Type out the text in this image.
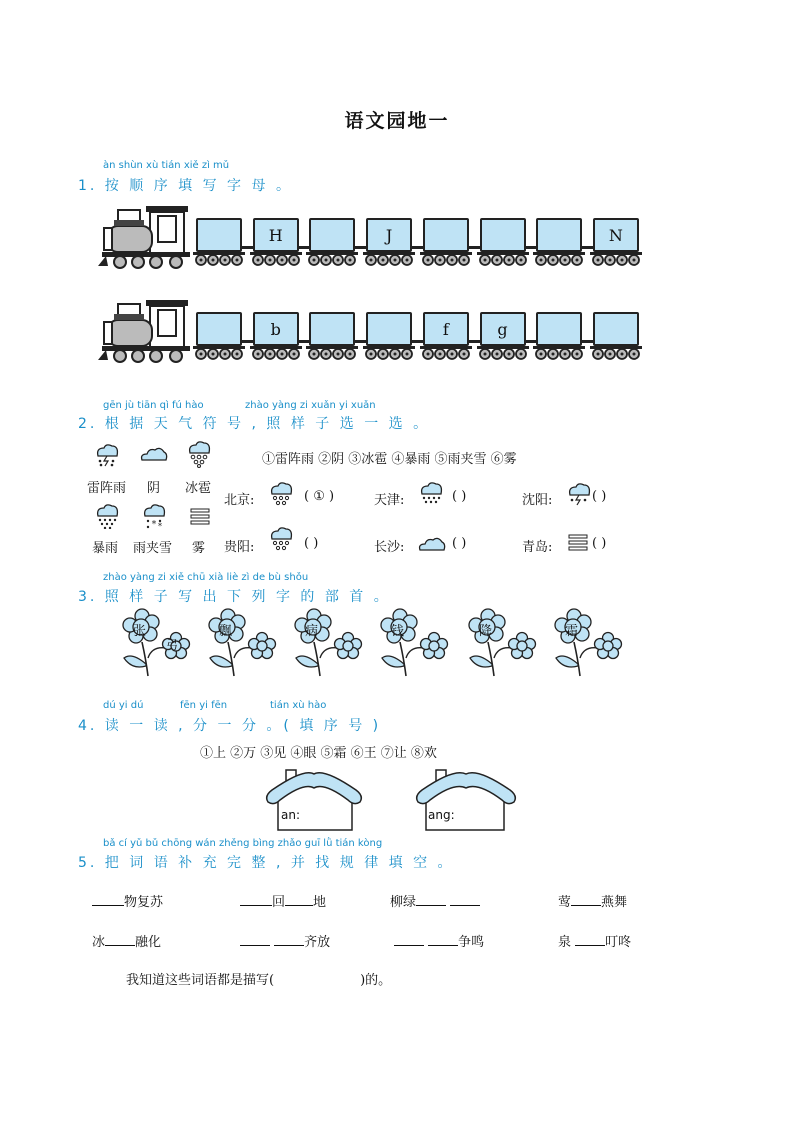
语文园地一
àn shùn xù tián xiě zì mǔ
1. 按 顺 序 填 写 字 母 。
H	J	N
b	f	g
gēn jù tiān qì fú hào	zhào yàng zi xuǎn yi xuǎn
2. 根 据 天 气 符 号 , 照 样 子 选 一 选 。
雷阵雨 阴 冰雹
* *
暴雨 雨夹雪 雾
①雷阵雨 ②阴 ③冰雹 ④暴雨 ⑤雨夹雪 ⑥雾
北京:	( ① )	天津:	( )	沈阳:	( )
贵阳:	( )	长沙:	( )	青岛:	( )
zhào yàng zi xiě chū xià liè zì de bù shǒu
3. 照 样 子 写 出 下 列 字 的 部 首 。
张
弓
飘	病	钱	降	霜
dú yi dú	fēn yi fēn	tián xù hào
4. 读 一 读 , 分 一 分 。( 填 序 号 )
①上 ②万 ③见 ④眼 ⑤霜 ⑥王 ⑦让 ⑧欢
an:	ang:
bǎ cí yǔ bǔ chōng wán zhěng bìng zhǎo guī lǜ tián kòng
5. 把 词 语 补 充 完 整 , 并 找 规 律 填 空 。
物复苏	回 地	柳绿	莺 燕舞
冰 融化	齐放	争鸣	泉	叮咚
我知道这些词语都是描写(	)的。
